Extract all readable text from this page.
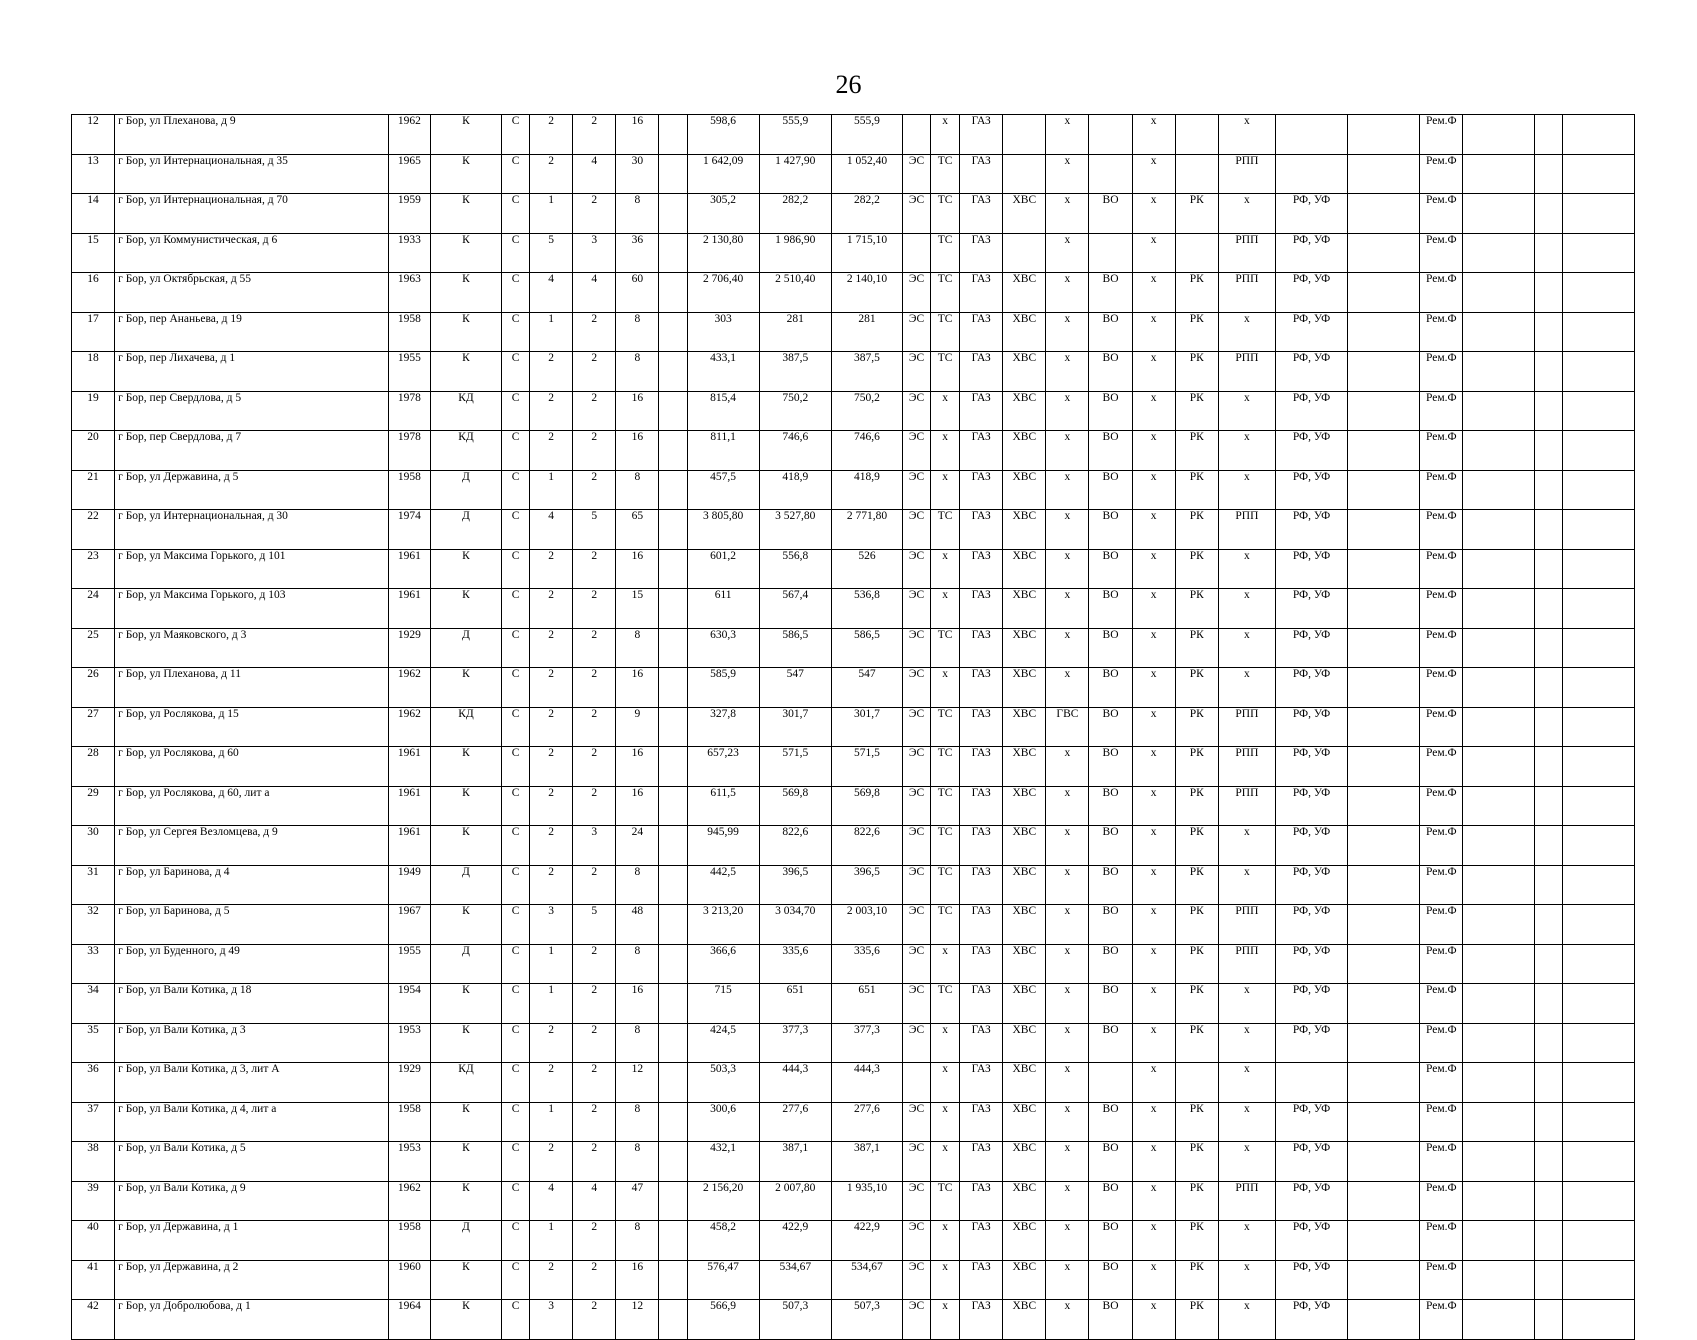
26
12	г Бор, ул Плеханова, д 9	1962	К	С	2	2	16		598,6	555,9	555,9		х	ГАЗ		х		х		х			Рем.Ф			
13	г Бор, ул Интернациональная, д 35	1965	К	С	2	4	30		1 642,09	1 427,90	1 052,40	ЭС	ТС	ГАЗ		х		х		РПП			Рем.Ф			
14	г Бор, ул Интернациональная, д 70	1959	К	С	1	2	8		305,2	282,2	282,2	ЭС	ТС	ГАЗ	ХВС	х	ВО	х	РК	х	РФ, УФ		Рем.Ф			
15	г Бор, ул Коммунистическая, д 6	1933	К	С	5	3	36		2 130,80	1 986,90	1 715,10		ТС	ГАЗ		х		х		РПП	РФ, УФ		Рем.Ф			
16	г Бор, ул Октябрьская, д 55	1963	К	С	4	4	60		2 706,40	2 510,40	2 140,10	ЭС	ТС	ГАЗ	ХВС	х	ВО	х	РК	РПП	РФ, УФ		Рем.Ф			
17	г Бор, пер Ананьева, д 19	1958	К	С	1	2	8		303	281	281	ЭС	ТС	ГАЗ	ХВС	х	ВО	х	РК	х	РФ, УФ		Рем.Ф			
18	г Бор, пер Лихачева, д 1	1955	К	С	2	2	8		433,1	387,5	387,5	ЭС	ТС	ГАЗ	ХВС	х	ВО	х	РК	РПП	РФ, УФ		Рем.Ф			
19	г Бор, пер Свердлова, д 5	1978	КД	С	2	2	16		815,4	750,2	750,2	ЭС	х	ГАЗ	ХВС	х	ВО	х	РК	х	РФ, УФ		Рем.Ф			
20	г Бор, пер Свердлова, д 7	1978	КД	С	2	2	16		811,1	746,6	746,6	ЭС	х	ГАЗ	ХВС	х	ВО	х	РК	х	РФ, УФ		Рем.Ф			
21	г Бор, ул Державина, д 5	1958	Д	С	1	2	8		457,5	418,9	418,9	ЭС	х	ГАЗ	ХВС	х	ВО	х	РК	х	РФ, УФ		Рем.Ф			
22	г Бор, ул Интернациональная, д 30	1974	Д	С	4	5	65		3 805,80	3 527,80	2 771,80	ЭС	ТС	ГАЗ	ХВС	х	ВО	х	РК	РПП	РФ, УФ		Рем.Ф			
23	г Бор, ул Максима Горького, д 101	1961	К	С	2	2	16		601,2	556,8	526	ЭС	х	ГАЗ	ХВС	х	ВО	х	РК	х	РФ, УФ		Рем.Ф			
24	г Бор, ул Максима Горького, д 103	1961	К	С	2	2	15		611	567,4	536,8	ЭС	х	ГАЗ	ХВС	х	ВО	х	РК	х	РФ, УФ		Рем.Ф			
25	г Бор, ул Маяковского, д 3	1929	Д	С	2	2	8		630,3	586,5	586,5	ЭС	ТС	ГАЗ	ХВС	х	ВО	х	РК	х	РФ, УФ		Рем.Ф			
26	г Бор, ул Плеханова, д 11	1962	К	С	2	2	16		585,9	547	547	ЭС	х	ГАЗ	ХВС	х	ВО	х	РК	х	РФ, УФ		Рем.Ф			
27	г Бор, ул Рослякова, д 15	1962	КД	С	2	2	9		327,8	301,7	301,7	ЭС	ТС	ГАЗ	ХВС	ГВС	ВО	х	РК	РПП	РФ, УФ		Рем.Ф			
28	г Бор, ул Рослякова, д 60	1961	К	С	2	2	16		657,23	571,5	571,5	ЭС	ТС	ГАЗ	ХВС	х	ВО	х	РК	РПП	РФ, УФ		Рем.Ф			
29	г Бор, ул Рослякова, д 60, лит а	1961	К	С	2	2	16		611,5	569,8	569,8	ЭС	ТС	ГАЗ	ХВС	х	ВО	х	РК	РПП	РФ, УФ		Рем.Ф			
30	г Бор, ул Сергея Везломцева, д 9	1961	К	С	2	3	24		945,99	822,6	822,6	ЭС	ТС	ГАЗ	ХВС	х	ВО	х	РК	х	РФ, УФ		Рем.Ф			
31	г Бор, ул Баринова, д 4	1949	Д	С	2	2	8		442,5	396,5	396,5	ЭС	ТС	ГАЗ	ХВС	х	ВО	х	РК	х	РФ, УФ		Рем.Ф			
32	г Бор, ул Баринова, д 5	1967	К	С	3	5	48		3 213,20	3 034,70	2 003,10	ЭС	ТС	ГАЗ	ХВС	х	ВО	х	РК	РПП	РФ, УФ		Рем.Ф			
33	г Бор, ул Буденного, д 49	1955	Д	С	1	2	8		366,6	335,6	335,6	ЭС	х	ГАЗ	ХВС	х	ВО	х	РК	РПП	РФ, УФ		Рем.Ф			
34	г Бор, ул Вали Котика, д 18	1954	К	С	1	2	16		715	651	651	ЭС	ТС	ГАЗ	ХВС	х	ВО	х	РК	х	РФ, УФ		Рем.Ф			
35	г Бор, ул Вали Котика, д 3	1953	К	С	2	2	8		424,5	377,3	377,3	ЭС	х	ГАЗ	ХВС	х	ВО	х	РК	х	РФ, УФ		Рем.Ф			
36	г Бор, ул Вали Котика, д 3, лит А	1929	КД	С	2	2	12		503,3	444,3	444,3		х	ГАЗ	ХВС	х		х		х			Рем.Ф			
37	г Бор, ул Вали Котика, д 4, лит а	1958	К	С	1	2	8		300,6	277,6	277,6	ЭС	х	ГАЗ	ХВС	х	ВО	х	РК	х	РФ, УФ		Рем.Ф			
38	г Бор, ул Вали Котика, д 5	1953	К	С	2	2	8		432,1	387,1	387,1	ЭС	х	ГАЗ	ХВС	х	ВО	х	РК	х	РФ, УФ		Рем.Ф			
39	г Бор, ул Вали Котика, д 9	1962	К	С	4	4	47		2 156,20	2 007,80	1 935,10	ЭС	ТС	ГАЗ	ХВС	х	ВО	х	РК	РПП	РФ, УФ		Рем.Ф			
40	г Бор, ул Державина, д 1	1958	Д	С	1	2	8		458,2	422,9	422,9	ЭС	х	ГАЗ	ХВС	х	ВО	х	РК	х	РФ, УФ		Рем.Ф			
41	г Бор, ул Державина, д 2	1960	К	С	2	2	16		576,47	534,67	534,67	ЭС	х	ГАЗ	ХВС	х	ВО	х	РК	х	РФ, УФ		Рем.Ф			
42	г Бор, ул Добролюбова, д 1	1964	К	С	3	2	12		566,9	507,3	507,3	ЭС	х	ГАЗ	ХВС	х	ВО	х	РК	х	РФ, УФ		Рем.Ф			
